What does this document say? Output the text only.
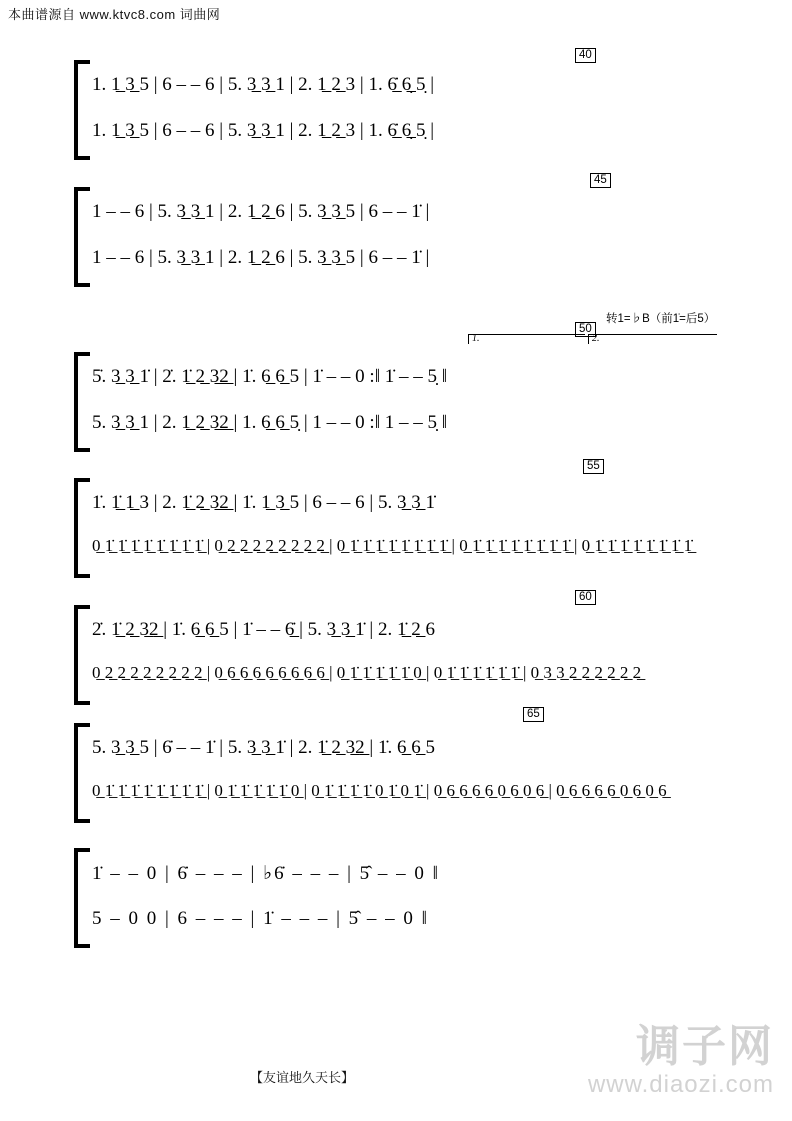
本曲谱源自 www.ktvc8.com 词曲网
40
45
50
55
60
65
转1=♭B（前1̇=后5）
1.	2.
1. 1̲ 3̲ 5 | 6 – – 6 | 5. 3̲ 3̲ 1 | 2. 1̲ 2̲ 3 | 1. 6̲̇ 6̲̣ 5̣ |
1. 1̲ 3̲ 5 | 6 – – 6 | 5. 3̲ 3̲ 1 | 2. 1̲ 2̲ 3 | 1. 6̲̇ 6̲̣ 5̣ |
1 – – 6 | 5. 3̲ 3̲ 1 | 2. 1̲ 2̲ 6 | 5. 3̲ 3̲ 5 | 6 – – 1̇ |
1 – – 6 | 5. 3̲ 3̲ 1 | 2. 1̲ 2̲ 6 | 5. 3̲ 3̲ 5 | 6 – – 1̇ |
5̇. 3̲ 3̲ 1̇ | 2̇. 1̲̇ 2̲ 3̲2̲ | 1̇. 6̲ 6̲ 5 | 1̇ – – 0 :‖ 1̇ – – 5̣ ‖
5. 3̲ 3̲ 1 | 2. 1̲ 2̲ 3̲2̲ | 1. 6̲ 6̲ 5̣ | 1 – – 0 :‖ 1 – – 5̣ ‖
1̇. 1̲̇ 1̲ 3 | 2. 1̲̇ 2̲ 3̲2̲ | 1̇. 1̲ 3̲ 5 | 6 – – 6 | 5. 3̲ 3̲ 1̇
0̲ 1̲̇ 1̲̇ 1̲̇ 1̲̇ 1̲̇ 1̲̇ 1̲̇ 1̲̇ | 0̲ 2̲ 2̲ 2̲ 2̲ 2̲ 2̲ 2̲ 2̲ | 0̲ 1̲̇ 1̲̇ 1̲̇ 1̲̇ 1̲̇ 1̲̇ 1̲̇ 1̲̇ | 0̲ 1̲̇ 1̲̇ 1̲̇ 1̲̇ 1̲̇ 1̲̇ 1̲̇ 1̲̇ | 0̲ 1̲̇ 1̲̇ 1̲̇ 1̲̇ 1̲̇ 1̲̇ 1̲̇ 1̲̇
2̇. 1̲̇ 2̲ 3̲2̲ | 1̇. 6̲ 6̲ 5 | 1̇ – – 6̲̇ | 5. 3̲ 3̲ 1̇ | 2. 1̲̇ 2̲ 6
0̲ 2̲ 2̲ 2̲ 2̲ 2̲ 2̲ 2̲ 2̲ | 0̲ 6̲ 6̲ 6̲ 6̲ 6̲ 6̲ 6̲ 6̲ | 0̲ 1̲̇ 1̲̇ 1̲̇ 1̲̇ 1̲̇ 0̲ | 0̲ 1̲̇ 1̲̇ 1̲̇ 1̲̇ 1̲̇ 1̲̇ | 0̲ 3̲ 3̲ 2̲ 2̲ 2̲ 2̲ 2̲ 2̲
5. 3̲ 3̲ 5 | 6̇ – – 1̇ | 5. 3̲ 3̲ 1̇ | 2. 1̲̇ 2̲ 3̲2̲ | 1̇. 6̲ 6̲ 5
0̲ 1̲̇ 1̲̇ 1̲̇ 1̲̇ 1̲̇ 1̲̇ 1̲̇ 1̲̇ | 0̲ 1̲̇ 1̲̇ 1̲̇ 1̲̇ 1̲̇ 0̲ | 0̲ 1̲̇ 1̲̇ 1̲̇ 1̲̇ 0̲ 1̲̇ 0̲ 1̲̇ | 0̲ 6̲ 6̲ 6̲ 6̲ 0̲ 6̲ 0̲ 6̲ | 0̲ 6̲ 6̲ 6̲ 6̲ 0̲ 6̲ 0̲ 6̲
1̇ – – 0 | 6̇ – – – | ♭6̇ – – – | 5̂ – – 0 ‖
5 – 0 0 | 6 – – – | 1̇ – – – | 5̂ – – 0 ‖
【友谊地久天长】
调子网
www.diaozi.com
